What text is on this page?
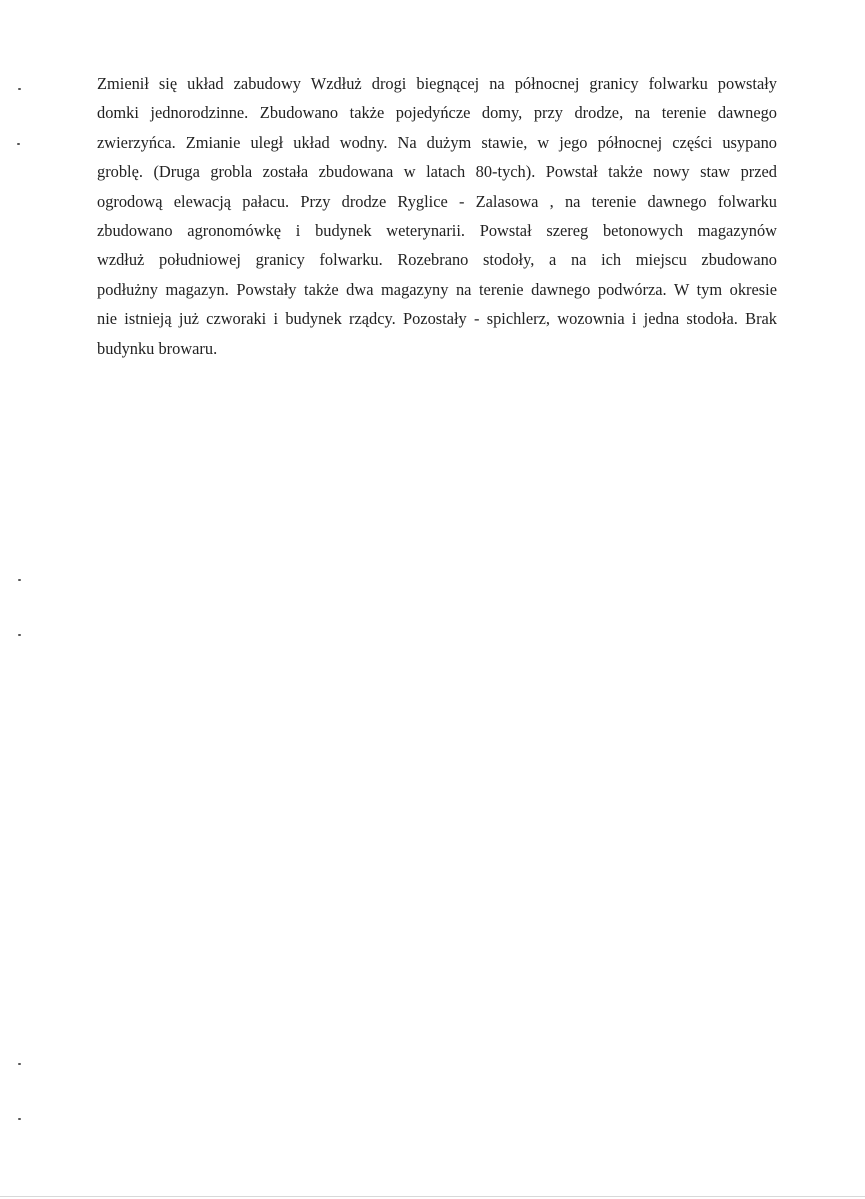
Zmienił się układ zabudowy Wzdłuż drogi biegnącej na północnej granicy folwarku powstały
domki jednorodzinne. Zbudowano także pojedyńcze domy, przy drodze, na terenie dawnego
zwierzyńca. Zmianie uległ układ wodny. Na dużym stawie, w jego północnej części usypano
groblę. (Druga grobla została zbudowana w latach 80-tych). Powstał także nowy staw przed
ogrodową elewacją pałacu. Przy drodze Ryglice - Zalasowa , na terenie dawnego folwarku
zbudowano agronomówkę i budynek weterynarii. Powstał szereg betonowych magazynów
wzdłuż południowej granicy folwarku. Rozebrano stodoły, a na ich miejscu zbudowano
podłużny magazyn. Powstały także dwa magazyny na terenie dawnego podwórza. W tym okresie
nie istnieją już czworaki i budynek rządcy. Pozostały - spichlerz, wozownia i jedna stodoła. Brak
budynku browaru.
